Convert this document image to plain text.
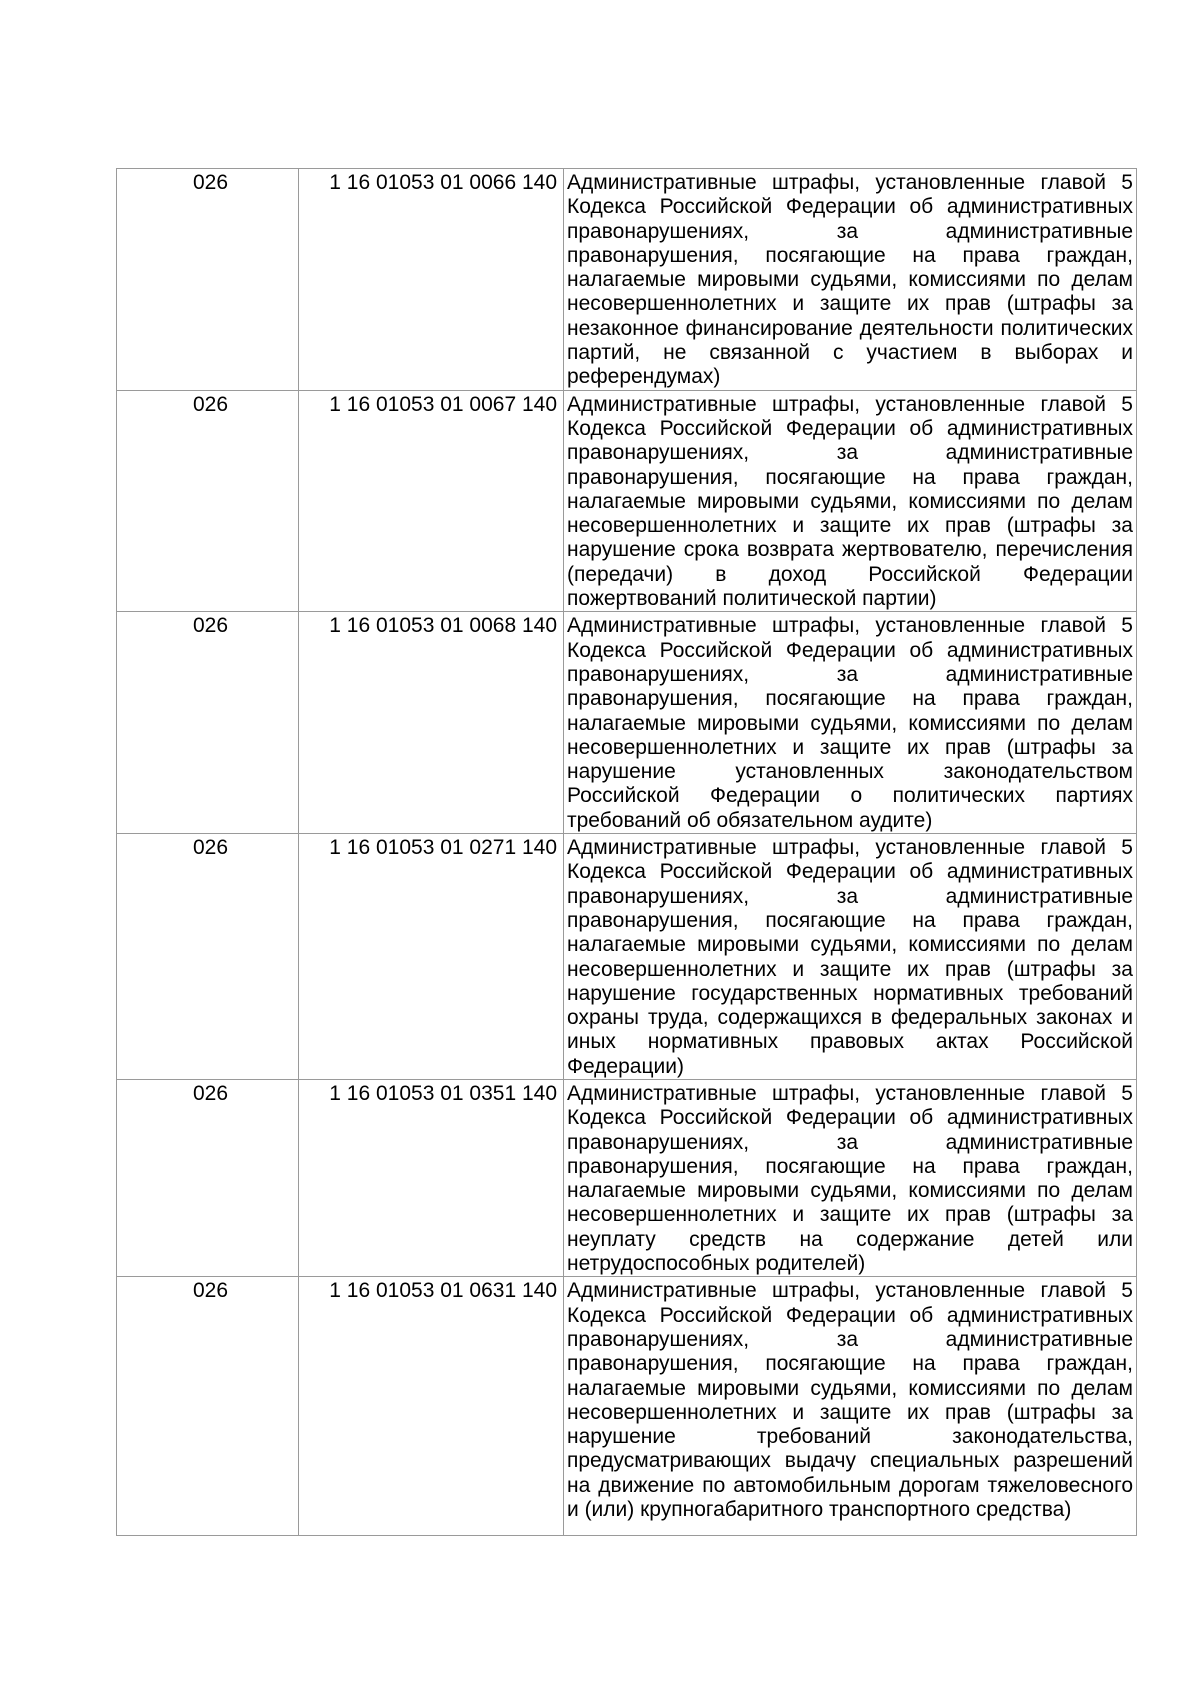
026	1 16 01053 01 0066 140	Административные штрафы, установленные главой 5 Кодекса Российской Федерации об административных правонарушениях, за административные правонарушения, посягающие на права граждан, налагаемые мировыми судьями, комиссиями по делам несовершеннолетних и защите их прав (штрафы за незаконное финансирование деятельности политических партий, не связанной с участием в выборах и референдумах)

026	1 16 01053 01 0067 140	Административные штрафы, установленные главой 5 Кодекса Российской Федерации об административных правонарушениях, за административные правонарушения, посягающие на права граждан, налагаемые мировыми судьями, комиссиями по делам несовершеннолетних и защите их прав (штрафы за нарушение срока возврата жертвователю, перечисления (передачи) в доход Российской Федерации пожертвований политической партии)

026	1 16 01053 01 0068 140	Административные штрафы, установленные главой 5 Кодекса Российской Федерации об административных правонарушениях, за административные правонарушения, посягающие на права граждан, налагаемые мировыми судьями, комиссиями по делам несовершеннолетних и защите их прав (штрафы за нарушение установленных законодательством Российской Федерации о политических партиях требований об обязательном аудите)

026	1 16 01053 01 0271 140	Административные штрафы, установленные главой 5 Кодекса Российской Федерации об административных правонарушениях, за административные правонарушения, посягающие на права граждан, налагаемые мировыми судьями, комиссиями по делам несовершеннолетних и защите их прав (штрафы за нарушение государственных нормативных требований охраны труда, содержащихся в федеральных законах и иных нормативных правовых актах Российской Федерации)

026	1 16 01053 01 0351 140	Административные штрафы, установленные главой 5 Кодекса Российской Федерации об административных правонарушениях, за административные правонарушения, посягающие на права граждан, налагаемые мировыми судьями, комиссиями по делам несовершеннолетних и защите их прав (штрафы за неуплату средств на содержание детей или нетрудоспособных родителей)

026	1 16 01053 01 0631 140	Административные штрафы, установленные главой 5 Кодекса Российской Федерации об административных правонарушениях, за административные правонарушения, посягающие на права граждан, налагаемые мировыми судьями, комиссиями по делам несовершеннолетних и защите их прав (штрафы за нарушение требований законодательства, предусматривающих выдачу специальных разрешений на движение по автомобильным дорогам тяжеловесного и (или) крупногабаритного транспортного средства)
